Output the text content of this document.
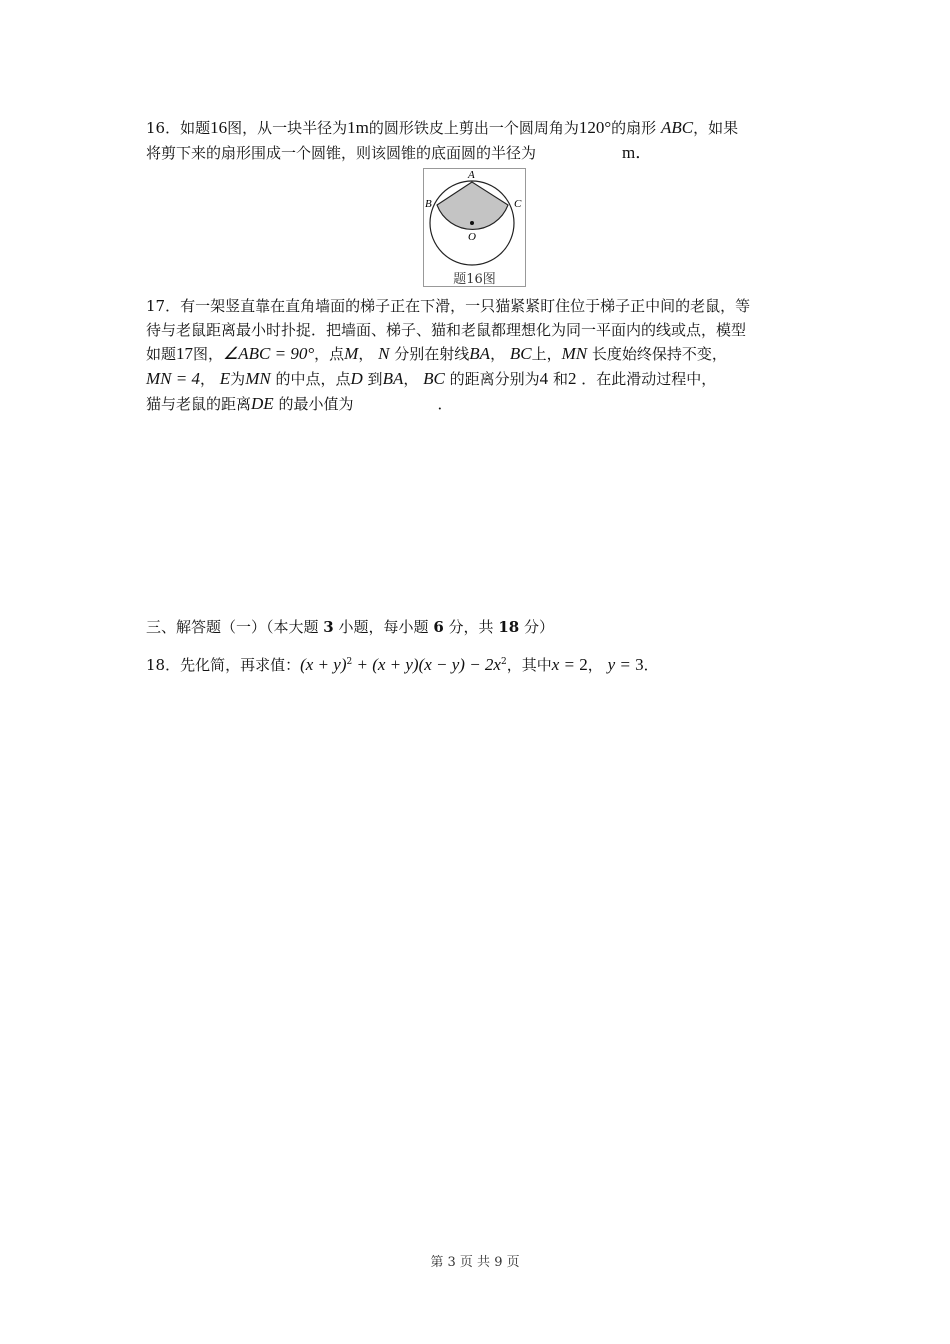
16．如题16图，从一块半径为1m的圆形铁皮上剪出一个圆周角为120°的扇形 ABC，如果
将剪下来的扇形围成一个圆锥，则该圆锥的底面圆的半径为	m．
A
B	C
O
题16图
17．有一架竖直靠在直角墙面的梯子正在下滑，一只猫紧紧盯住位于梯子正中间的老鼠，等
待与老鼠距离最小时扑捉．把墙面、梯子、猫和老鼠都理想化为同一平面内的线或点，模型
如题17图，∠ABC = 90°，点M， N 分别在射线BA， BC上，MN 长度始终保持不变，
MN = 4， E为MN 的中点，点D 到BA， BC 的距离分别为4 和2 ．在此滑动过程中，
猫与老鼠的距离DE 的最小值为	．
三、解答题（一）（本大题 3 小题，每小题 6 分，共 18 分）
18．先化简，再求值：$(x + y)^2 + (x + y)(x - y) - 2x^2$，其中x = 2， y = 3．
第 3 页 共 9 页
